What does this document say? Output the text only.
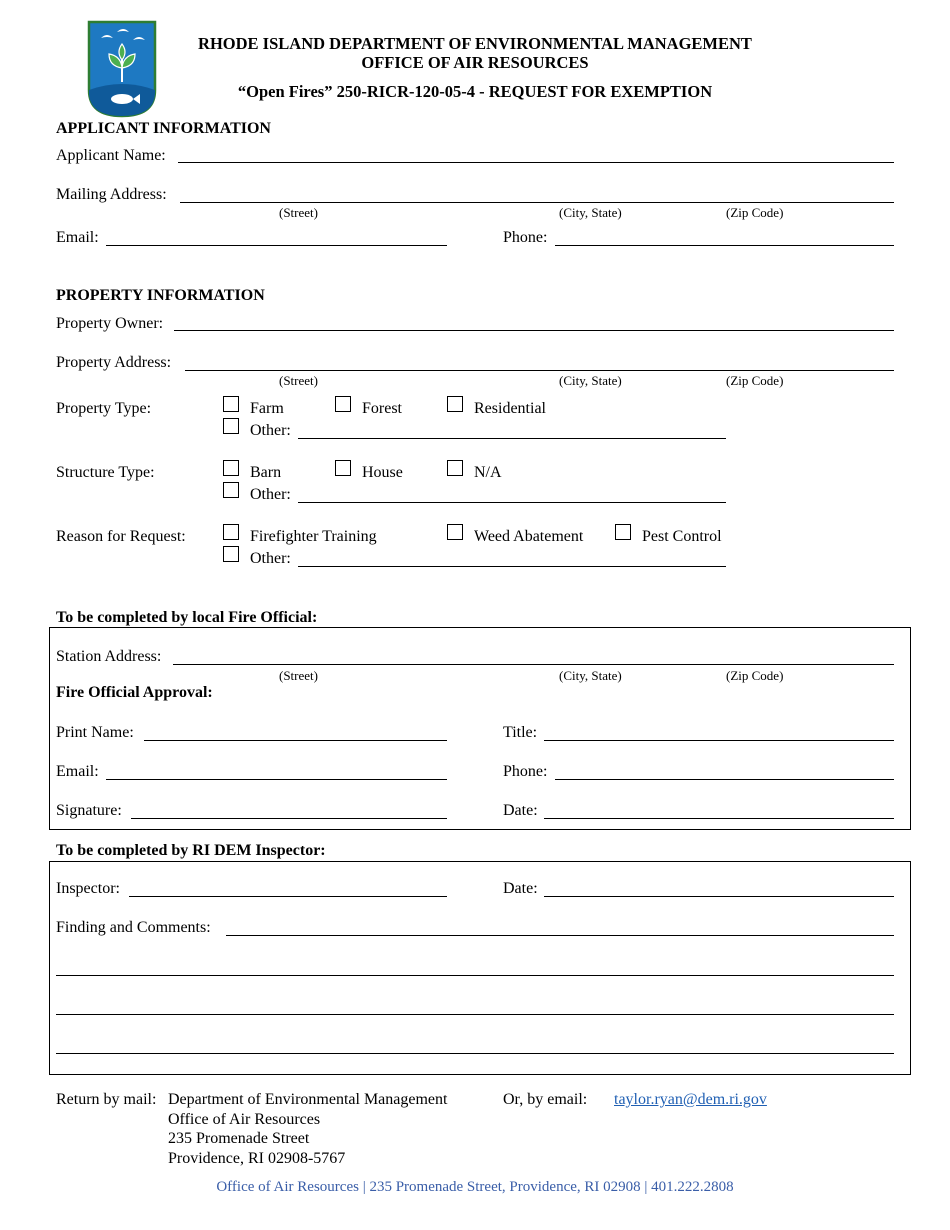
RHODE ISLAND DEPARTMENT OF ENVIRONMENTAL MANAGEMENT
OFFICE OF AIR RESOURCES
“Open Fires” 250-RICR-120-05-4 - REQUEST FOR EXEMPTION
APPLICANT INFORMATION
Applicant Name:
Mailing Address:
(Street)	(City, State)	(Zip Code)
Email:	Phone:
PROPERTY INFORMATION
Property Owner:
Property Address:
(Street)	(City, State)	(Zip Code)
Property Type:	Farm	Forest	Residential
Other:
Structure Type:	Barn	House	N/A
Other:
Reason for Request:	Firefighter Training	Weed Abatement	Pest Control
Other:
To be completed by local Fire Official:
Station Address:
(Street)	(City, State)	(Zip Code)
Fire Official Approval:
Print Name:	Title:
Email:	Phone:
Signature:	Date:
To be completed by RI DEM Inspector:
Inspector:	Date:
Finding and Comments:
Return by mail: Department of Environmental Management
Office of Air Resources
235 Promenade Street
Providence, RI 02908-5767
Or, by email: taylor.ryan@dem.ri.gov
Office of Air Resources | 235 Promenade Street, Providence, RI 02908 | 401.222.2808
